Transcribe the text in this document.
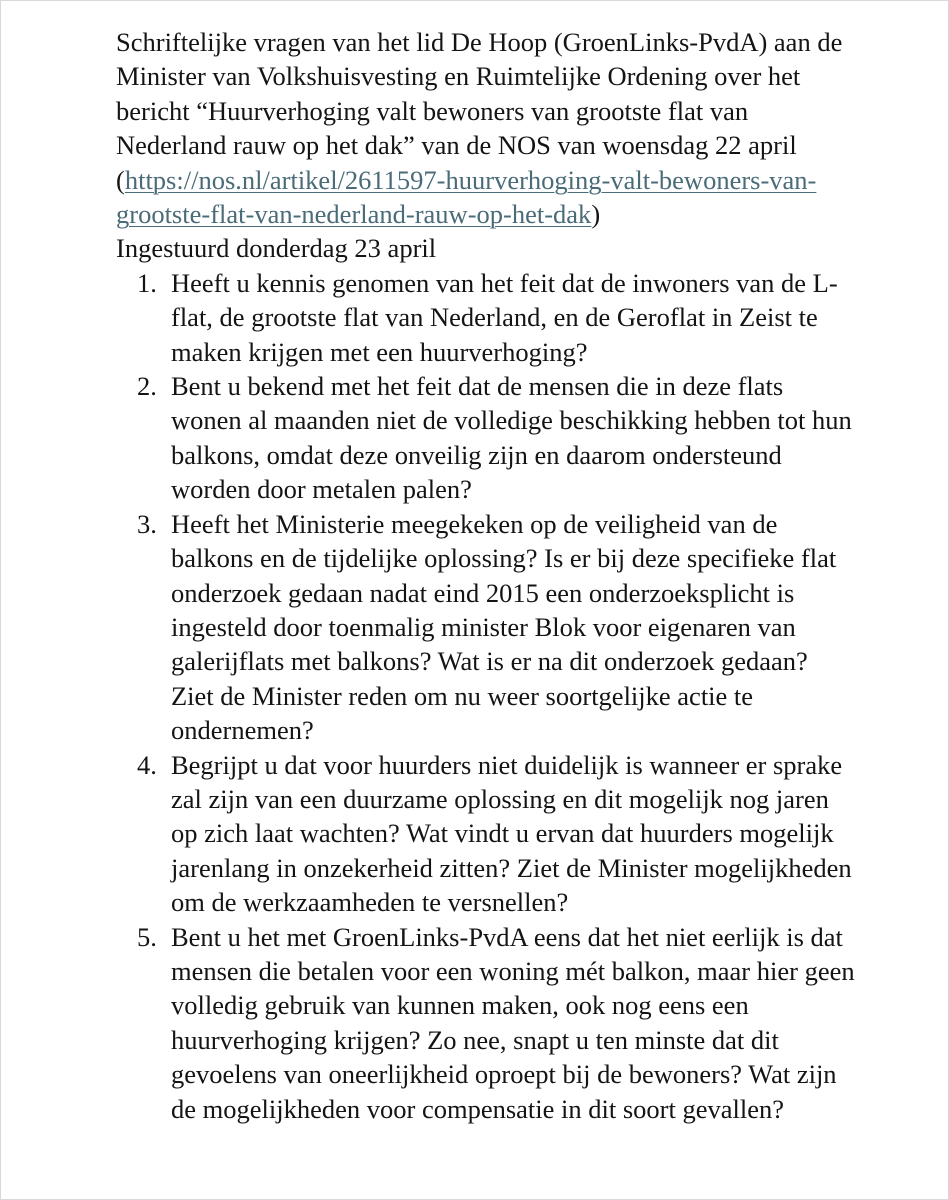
Schriftelijke vragen van het lid De Hoop (GroenLinks-PvdA) aan de Minister van Volkshuisvesting en Ruimtelijke Ordening over het bericht “Huurverhoging valt bewoners van grootste flat van Nederland rauw op het dak” van de NOS van woensdag 22 april (https://nos.nl/artikel/2611597-huurverhoging-valt-bewoners-van-grootste-flat-van-nederland-rauw-op-het-dak)

Ingestuurd donderdag 23 april

1. Heeft u kennis genomen van het feit dat de inwoners van de L-flat, de grootste flat van Nederland, en de Geroflat in Zeist te maken krijgen met een huurverhoging?
2. Bent u bekend met het feit dat de mensen die in deze flats wonen al maanden niet de volledige beschikking hebben tot hun balkons, omdat deze onveilig zijn en daarom ondersteund worden door metalen palen?
3. Heeft het Ministerie meegekeken op de veiligheid van de balkons en de tijdelijke oplossing? Is er bij deze specifieke flat onderzoek gedaan nadat eind 2015 een onderzoeksplicht is ingesteld door toenmalig minister Blok voor eigenaren van galerijflats met balkons? Wat is er na dit onderzoek gedaan? Ziet de Minister reden om nu weer soortgelijke actie te ondernemen?
4. Begrijpt u dat voor huurders niet duidelijk is wanneer er sprake zal zijn van een duurzame oplossing en dit mogelijk nog jaren op zich laat wachten? Wat vindt u ervan dat huurders mogelijk jarenlang in onzekerheid zitten? Ziet de Minister mogelijkheden om de werkzaamheden te versnellen?
5. Bent u het met GroenLinks-PvdA eens dat het niet eerlijk is dat mensen die betalen voor een woning mét balkon, maar hier geen volledig gebruik van kunnen maken, ook nog eens een huurverhoging krijgen? Zo nee, snapt u ten minste dat dit gevoelens van oneerlijkheid oproept bij de bewoners? Wat zijn de mogelijkheden voor compensatie in dit soort gevallen?
